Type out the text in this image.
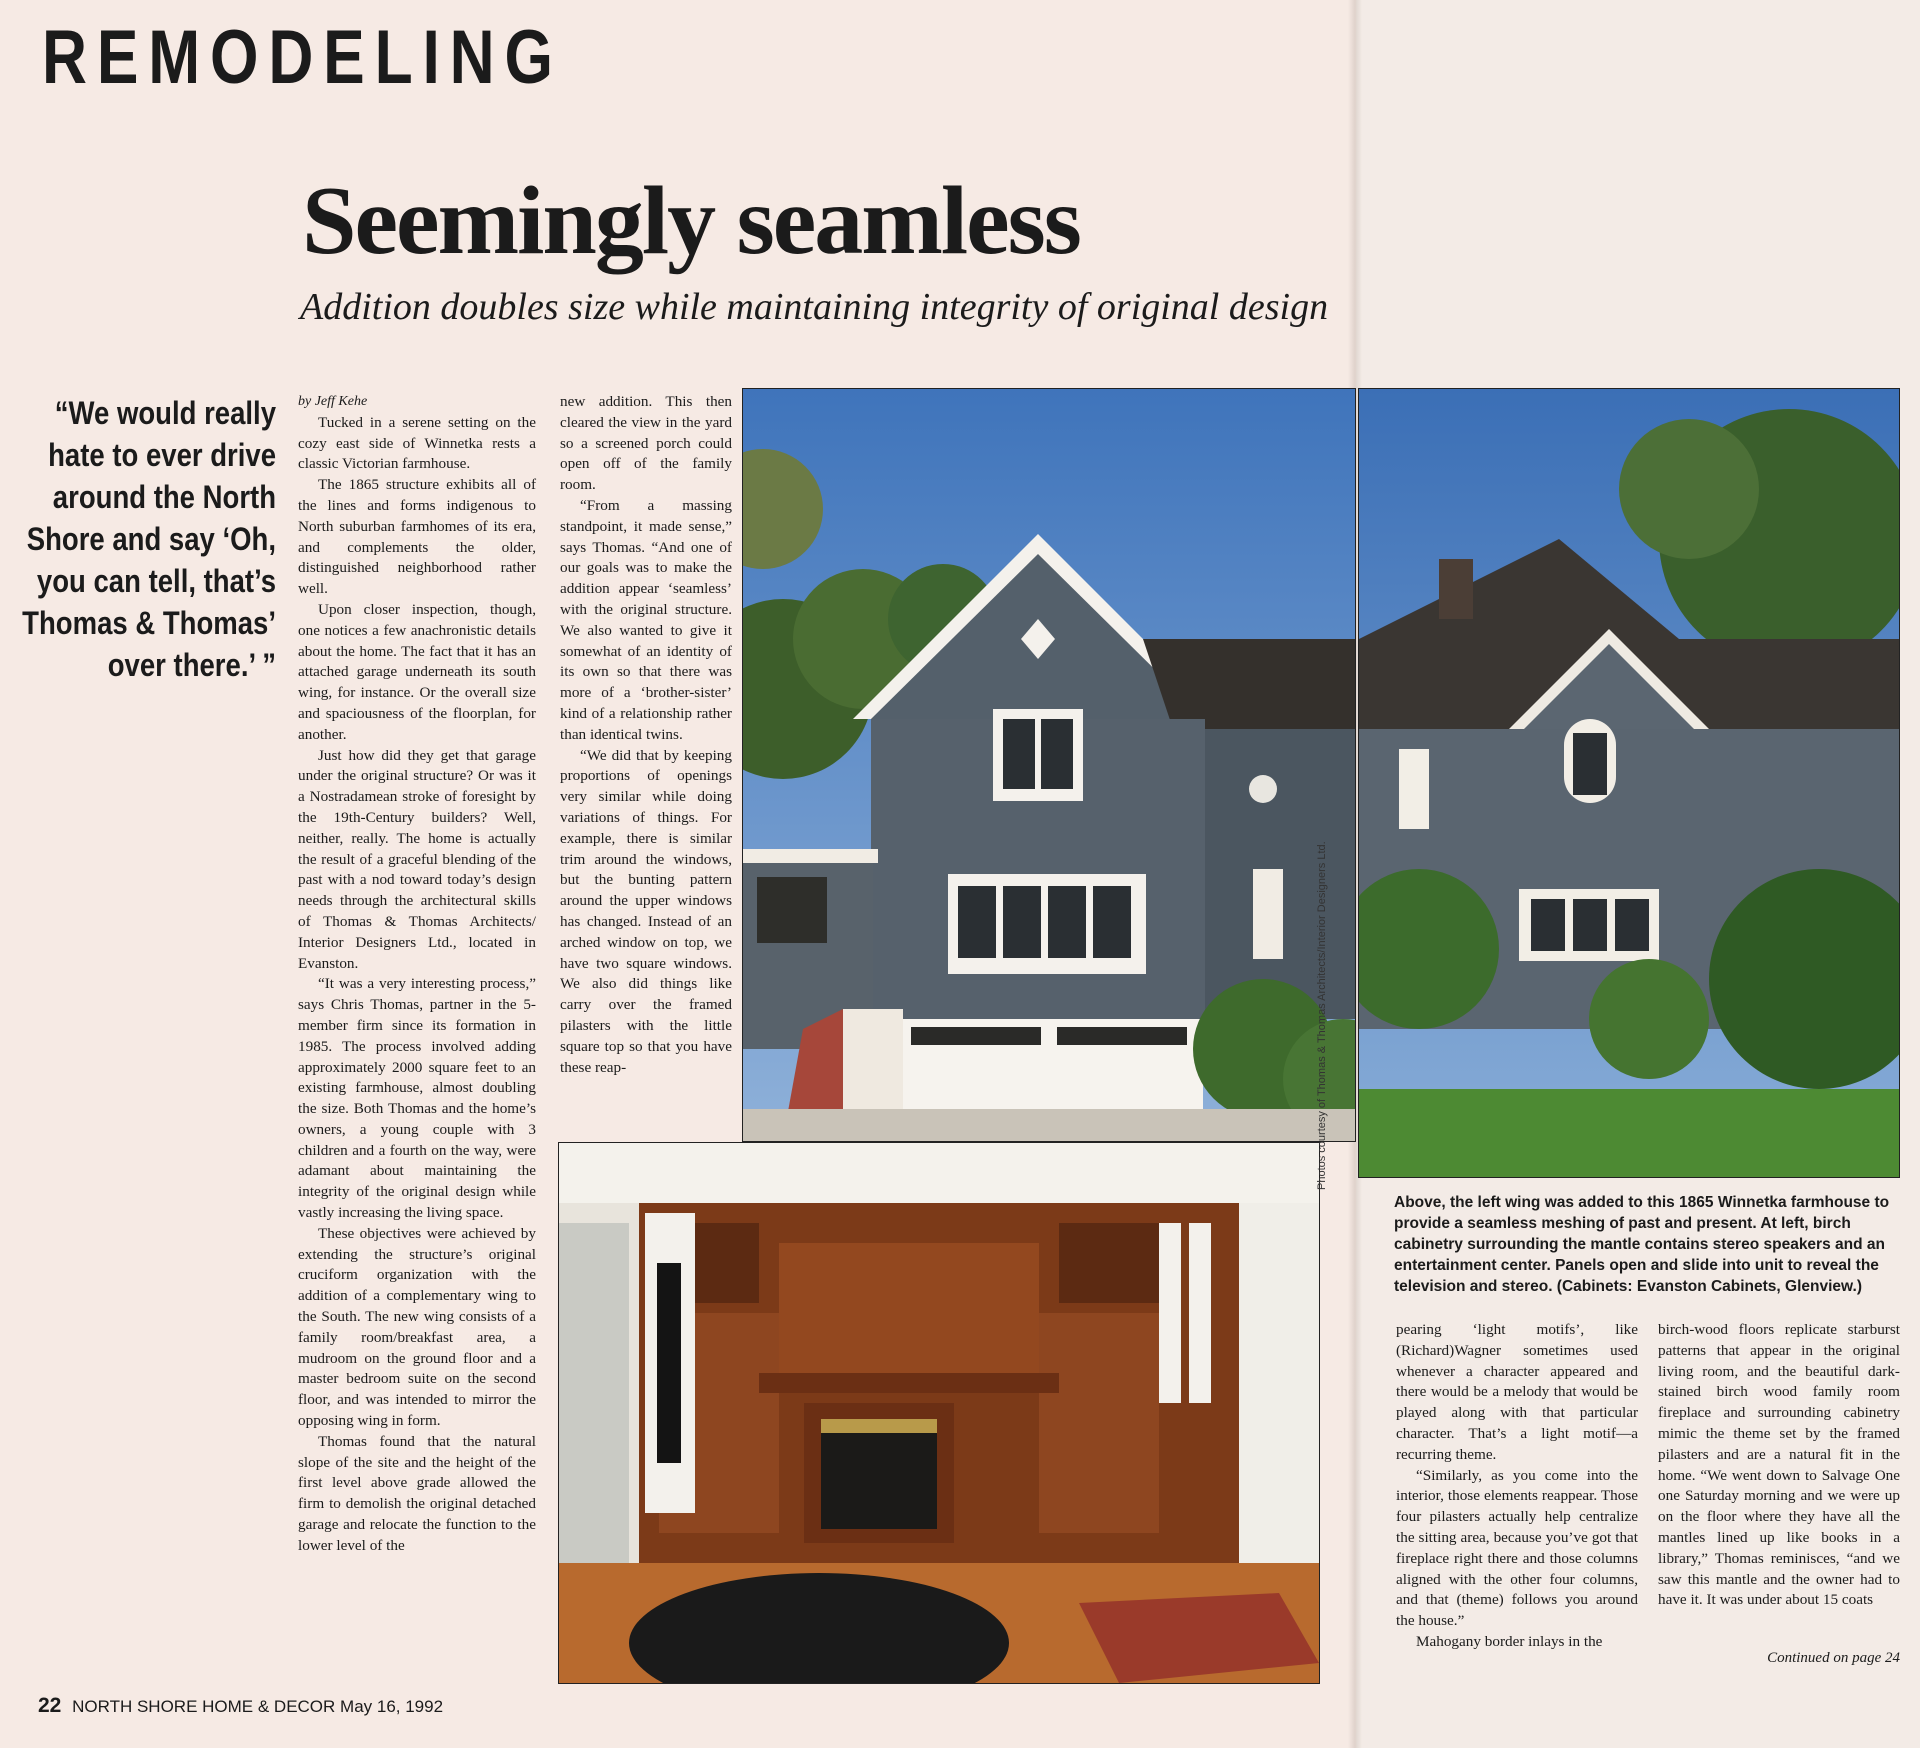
REMODELING
Seemingly seamless
Addition doubles size while maintaining integrity of original design
“We would really hate to ever drive around the North Shore and say ‘Oh, you can tell, that’s Thomas & Thomas’ over there.’ ”

by Jeff Kehe

Tucked in a serene setting on the cozy east side of Winnetka rests a classic Victorian farmhouse.

The 1865 structure exhibits all of the lines and forms indigenous to North suburban farmhomes of its era, and complements the older, distinguished neighborhood rather well.

Upon closer inspection, though, one notices a few anachronistic details about the home. The fact that it has an attached garage underneath its south wing, for instance. Or the overall size and spaciousness of the floorplan, for another.

Just how did they get that garage under the original structure? Or was it a Nostradamean stroke of foresight by the 19th-Century builders? Well, neither, really. The home is actually the result of a graceful blending of the past with a nod toward today’s design needs through the architectural skills of Thomas & Thomas Architects/ Interior Designers Ltd., located in Evanston.

“It was a very interesting process,” says Chris Thomas, partner in the 5-member firm since its formation in 1985. The process involved adding approximately 2000 square feet to an existing farmhouse, almost doubling the size. Both Thomas and the home’s owners, a young couple with 3 children and a fourth on the way, were adamant about maintaining the integrity of the original design while vastly increasing the living space.

These objectives were achieved by extending the structure’s original cruciform organization with the addition of a complementary wing to the South. The new wing consists of a family room/breakfast area, a mudroom on the ground floor and a master bedroom suite on the second floor, and was intended to mirror the opposing wing in form.

Thomas found that the natural slope of the site and the height of the first level above grade allowed the firm to demolish the original detached garage and relocate the function to the lower level of the

new addition. This then cleared the view in the yard so a screened porch could open off of the family room.

“From a massing standpoint, it made sense,” says Thomas. “And one of our goals was to make the addition appear ‘seamless’ with the original structure. We also wanted to give it somewhat of an identity of its own so that there was more of a ‘brother-sister’ kind of a relationship rather than identical twins.

“We did that by keeping proportions of openings very similar while doing variations of things. For example, there is similar trim around the windows, but the bunting pattern around the upper windows has changed. Instead of an arched window on top, we have two square windows. We also did things like carry over the framed pilasters with the little square top so that you have these reap-	Photos courtesy of Thomas & Thomas Architects/Interior Designers Ltd.
Above, the left wing was added to this 1865 Winnetka farmhouse to provide a seamless meshing of past and present. At left, birch cabinetry surrounding the mantle contains stereo speakers and an entertainment center. Panels open and slide into unit to reveal the television and stereo. (Cabinets: Evanston Cabinets, Glenview.)

pearing ‘light motifs’, like (Richard)Wagner sometimes used whenever a character appeared and there would be a melody that would be played along with that particular character. That’s a light motif—a recurring theme.

“Similarly, as you come into the interior, those elements reappear. Those four pilasters actually help centralize the sitting area, because you’ve got that fireplace right there and those columns aligned with the other four columns, and that (theme) follows you around the house.”

Mahogany border inlays in the

birch-wood floors replicate starburst patterns that appear in the original living room, and the beautiful dark-stained birch wood family room fireplace and surrounding cabinetry mimic the theme set by the framed pilasters and are a natural fit in the home. “We went down to Salvage One one Saturday morning and we were up on the floor where they have all the mantles lined up like books in a library,” Thomas reminisces, “and we saw this mantle and the owner had to have it. It was under about 15 coats

Continued on page 24
22 NORTH SHORE HOME & DECOR May 16, 1992
